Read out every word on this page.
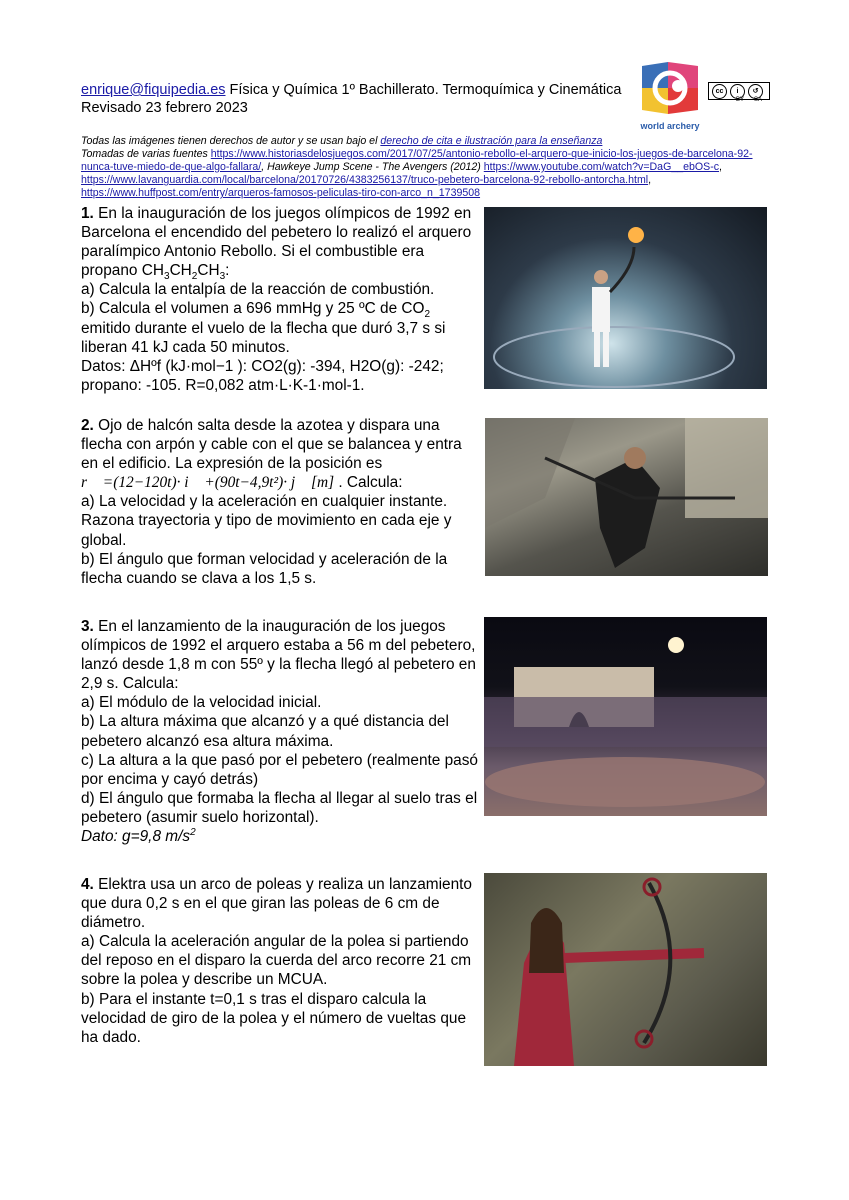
enrique@fiquipedia.es Física y Química 1º Bachillerato. Termoquímica y Cinemática
Revisado 23 febrero 2023
world archery
cc	i	↺
BY SA
Todas las imágenes tienen derechos de autor y se usan bajo el derecho de cita e ilustración para la enseñanza
Tomadas de varias fuentes https://www.historiasdelosjuegos.com/2017/07/25/antonio-rebollo-el-arquero-que-inicio-los-juegos-de-barcelona-92-nunca-tuve-miedo-de-que-algo-fallara/, Hawkeye Jump Scene - The Avengers (2012) https://www.youtube.com/watch?v=DaG__ebOS-c, https://www.lavanguardia.com/local/barcelona/20170726/4383256137/truco-pebetero-barcelona-92-rebollo-antorcha.html, https://www.huffpost.com/entry/arqueros-famosos-peliculas-tiro-con-arco_n_1739508
1. En la inauguración de los juegos olímpicos de 1992 en Barcelona el encendido del pebetero lo realizó el arquero paralímpico Antonio Rebollo. Si el combustible era propano $CH_3CH_2CH_3$:
a) Calcula la entalpía de la reacción de combustión.
b) Calcula el volumen a 696 mmHg y 25 ºC de $CO_2$ emitido durante el vuelo de la flecha que duró 3,7 s si liberan 41 kJ cada 50 minutos.
Datos: ΔHºf (kJ·mol−1 ): CO2(g): -394, H2O(g): -242; propano: -105. R=0,082 atm·L·K-1·mol-1.
2. Ojo de halcón salta desde la azotea y dispara una flecha con arpón y cable con el que se balancea y entra en el edificio. La expresión de la posición es
r⃗ =(12−120t)· i⃗ +(90t−4,9t²)· j⃗ [m] . Calcula:
a) La velocidad y la aceleración en cualquier instante. Razona trayectoria y tipo de movimiento en cada eje y global.
b) El ángulo que forman velocidad y aceleración de la flecha cuando se clava a los 1,5 s.
3. En el lanzamiento de la inauguración de los juegos olímpicos de 1992 el arquero estaba a 56 m del pebetero, lanzó desde 1,8 m con 55º y la flecha llegó al pebetero en 2,9 s. Calcula:
a) El módulo de la velocidad inicial.
b) La altura máxima que alcanzó y a qué distancia del pebetero alcanzó esa altura máxima.
c) La altura a la que pasó por el pebetero (realmente pasó por encima y cayó detrás)
d) El ángulo que formaba la flecha al llegar al suelo tras el pebetero (asumir suelo horizontal).
Dato: g=9,8 $m/s^2$
4. Elektra usa un arco de poleas y realiza un lanzamiento que dura 0,2 s en el que giran las poleas de 6 cm de diámetro.
a) Calcula la aceleración angular de la polea si partiendo del reposo en el disparo la cuerda del arco recorre 21 cm sobre la polea y describe un MCUA.
b) Para el instante t=0,1 s tras el disparo calcula la velocidad de giro de la polea y el número de vueltas que ha dado.
